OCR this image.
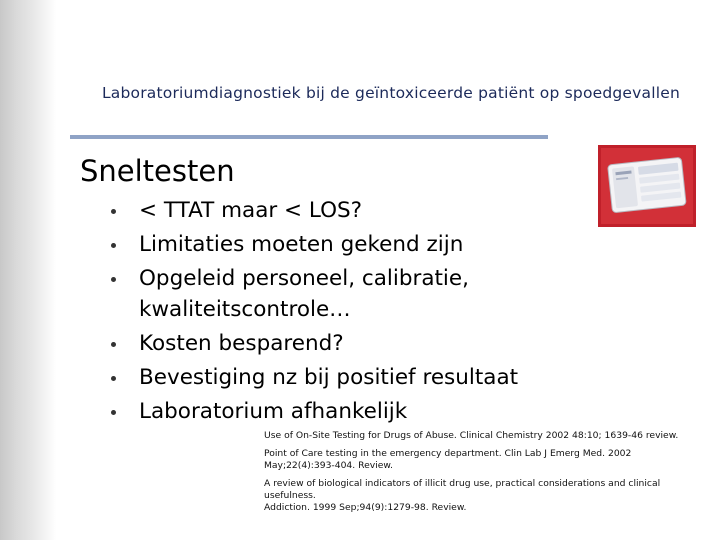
Laboratoriumdiagnostiek bij de geïntoxiceerde patiënt op spoedgevallen
Sneltesten
< TTAT maar < LOS?
Limitaties moeten gekend zijn
Opgeleid personeel, calibratie, kwaliteitscontrole…
Kosten besparend?
Bevestiging nz bij positief resultaat
Laboratorium afhankelijk
Use of On-Site Testing for Drugs of Abuse. Clinical Chemistry 2002 48:10; 1639-46 review.
Point of Care testing in the emergency department. Clin Lab J Emerg Med. 2002 May;22(4):393-404. Review.
A review of biological indicators of illicit drug use, practical considerations and clinical usefulness.
Addiction. 1999 Sep;94(9):1279-98. Review.
